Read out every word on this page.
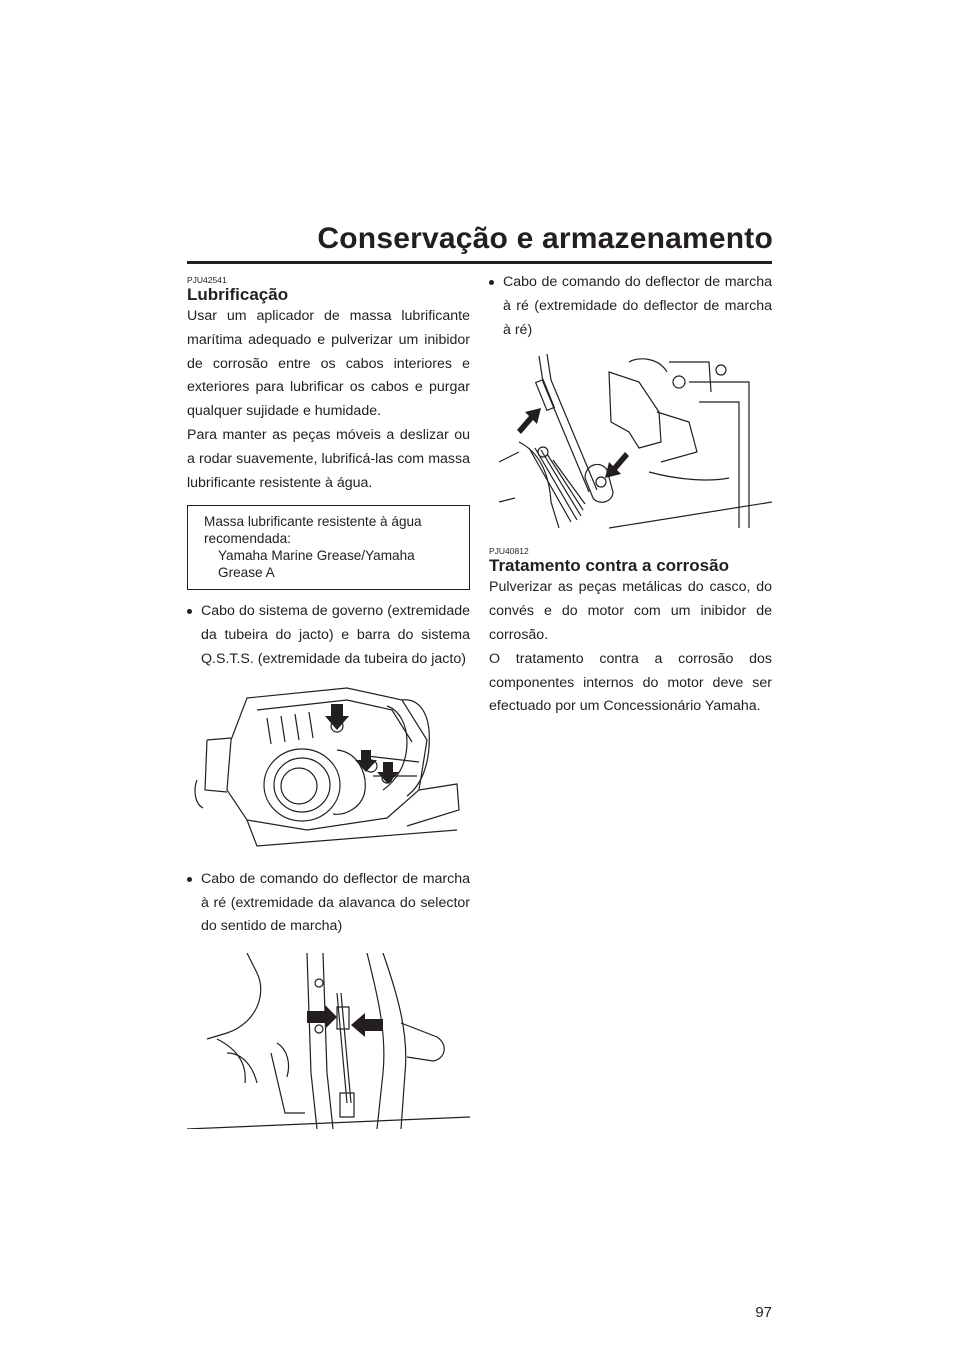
Conservação e armazenamento
PJU42541
Lubrificação

Usar um aplicador de massa lubrificante marítima adequado e pulverizar um inibidor de corrosão entre os cabos interiores e exteriores para lubrificar os cabos e purgar qualquer sujidade e humidade.

Para manter as peças móveis a deslizar ou a rodar suavemente, lubrificá-las com massa lubrificante resistente à água.

Massa lubrificante resistente à água recomendada:
Yamaha Marine Grease/Yamaha Grease A
Cabo do sistema de governo (extremidade da tubeira do jacto) e barra do sistema Q.S.T.S. (extremidade da tubeira do jacto)
Cabo de comando do deflector de marcha à ré (extremidade da alavanca do selector do sentido de marcha)
Cabo de comando do deflector de marcha à ré (extremidade do deflector de marcha à ré)
PJU40812
Tratamento contra a corrosão

Pulverizar as peças metálicas do casco, do convés e do motor com um inibidor de corrosão.

O tratamento contra a corrosão dos componentes internos do motor deve ser efectuado por um Concessionário Yamaha.

97
